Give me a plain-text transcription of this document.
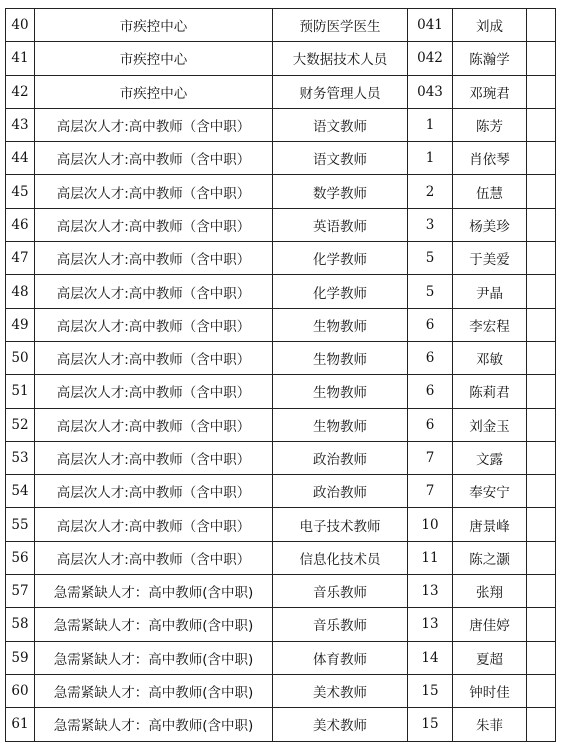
40	市疾控中心	预防医学医生	041	刘成	
41	市疾控中心	大数据技术人员	042	陈瀚学	
42	市疾控中心	财务管理人员	043	邓琬君	
43	高层次人才:高中教师（含中职）	语文教师	1	陈芳	
44	高层次人才:高中教师（含中职）	语文教师	1	肖依琴	
45	高层次人才:高中教师（含中职）	数学教师	2	伍慧	
46	高层次人才:高中教师（含中职）	英语教师	3	杨美珍	
47	高层次人才:高中教师（含中职）	化学教师	5	于美爱	
48	高层次人才:高中教师（含中职）	化学教师	5	尹晶	
49	高层次人才:高中教师（含中职）	生物教师	6	李宏程	
50	高层次人才:高中教师（含中职）	生物教师	6	邓敏	
51	高层次人才:高中教师（含中职）	生物教师	6	陈莉君	
52	高层次人才:高中教师（含中职）	生物教师	6	刘金玉	
53	高层次人才:高中教师（含中职）	政治教师	7	文露	
54	高层次人才:高中教师（含中职）	政治教师	7	奉安宁	
55	高层次人才:高中教师（含中职）	电子技术教师	10	唐景峰	
56	高层次人才:高中教师（含中职）	信息化技术员	11	陈之灏	
57	急需紧缺人才：高中教师(含中职)	音乐教师	13	张翔	
58	急需紧缺人才：高中教师(含中职)	音乐教师	13	唐佳婷	
59	急需紧缺人才：高中教师(含中职)	体育教师	14	夏超	
60	急需紧缺人才：高中教师(含中职)	美术教师	15	钟时佳	
61	急需紧缺人才：高中教师(含中职)	美术教师	15	朱菲	
